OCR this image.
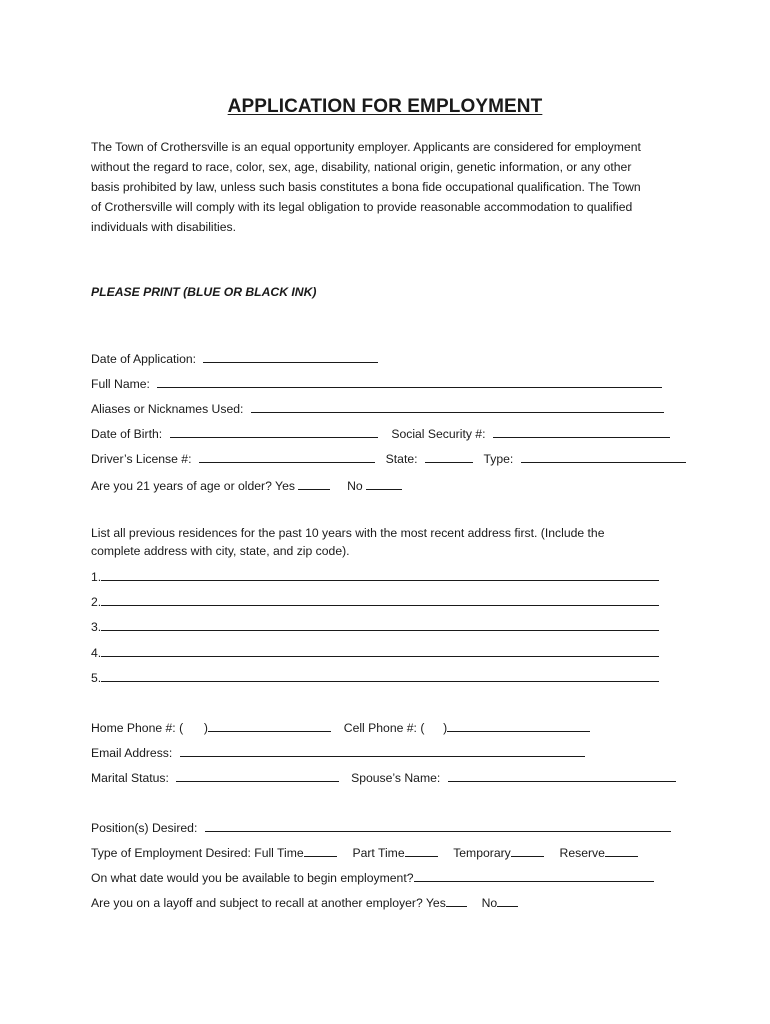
APPLICATION FOR EMPLOYMENT
The Town of Crothersville is an equal opportunity employer. Applicants are considered for employment
without the regard to race, color, sex, age, disability, national origin, genetic information, or any other
basis prohibited by law, unless such basis constitutes a bona fide occupational qualification. The Town
of Crothersville will comply with its legal obligation to provide reasonable accommodation to qualified
individuals with disabilities.
PLEASE PRINT (BLUE OR BLACK INK)
Date of Application:
Full Name:
Aliases or Nicknames Used:
Date of Birth:	Social Security #:
Driver’s License #:	State:	Type:
Are you 21 years of age or older? Yes	No
List all previous residences for the past 10 years with the most recent address first. (Include the
complete address with city, state, and zip code).
1.
2.
3.
4.
5.
Home Phone #: ( )	Cell Phone #: ( )
Email Address:
Marital Status:	Spouse’s Name:
Position(s) Desired:
Type of Employment Desired: Full Time	Part Time	Temporary	Reserve
On what date would you be available to begin employment?
Are you on a layoff and subject to recall at another employer? Yes	No
